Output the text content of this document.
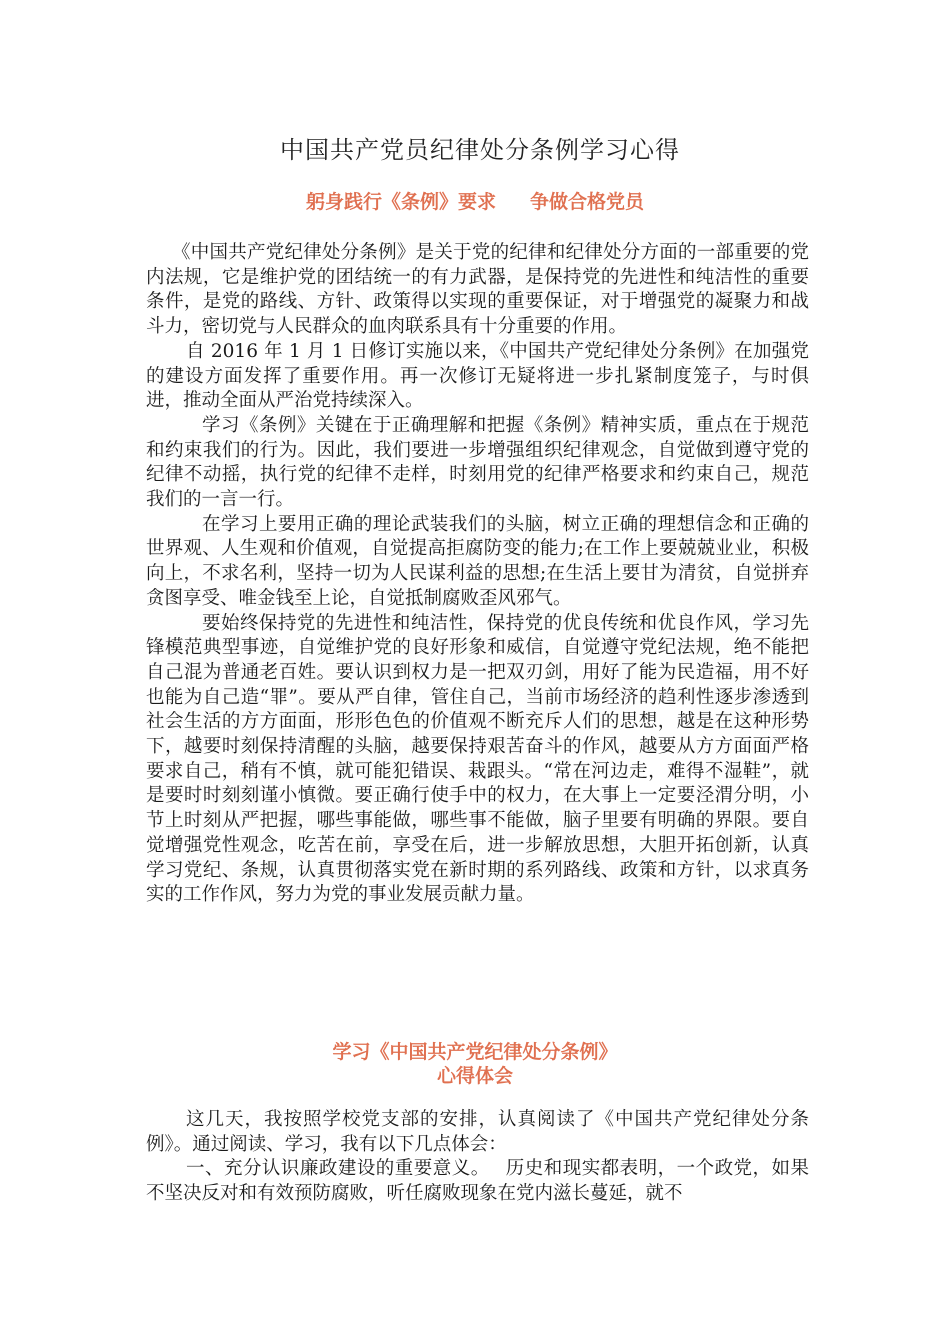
中国共产党员纪律处分条例学习心得
躬身践行《条例》要求 争做合格党员

《中国共产党纪律处分条例》是关于党的纪律和纪律处分方面的一部重要的党内法规，它是维护党的团结统一的有力武器，是保持党的先进性和纯洁性的重要条件，是党的路线、方针、政策得以实现的重要保证，对于增强党的凝聚力和战斗力，密切党与人民群众的血肉联系具有十分重要的作用。

自 2016 年 1 月 1 日修订实施以来，《中国共产党纪律处分条例》在加强党的建设方面发挥了重要作用。再一次修订无疑将进一步扎紧制度笼子，与时俱进，推动全面从严治党持续深入。

学习《条例》关键在于正确理解和把握《条例》精神实质，重点在于规范和约束我们的行为。因此，我们要进一步增强组织纪律观念，自觉做到遵守党的纪律不动摇，执行党的纪律不走样，时刻用党的纪律严格要求和约束自己，规范我们的一言一行。

在学习上要用正确的理论武装我们的头脑，树立正确的理想信念和正确的世界观、人生观和价值观，自觉提高拒腐防变的能力;在工作上要兢兢业业，积极向上，不求名利，坚持一切为人民谋利益的思想;在生活上要甘为清贫，自觉拼弃贪图享受、唯金钱至上论，自觉抵制腐败歪风邪气。

要始终保持党的先进性和纯洁性，保持党的优良传统和优良作风，学习先锋模范典型事迹，自觉维护党的良好形象和威信，自觉遵守党纪法规，绝不能把自己混为普通老百姓。要认识到权力是一把双刃剑，用好了能为民造福，用不好也能为自己造“罪”。要从严自律，管住自己，当前市场经济的趋利性逐步渗透到社会生活的方方面面，形形色色的价值观不断充斥人们的思想，越是在这种形势下，越要时刻保持清醒的头脑，越要保持艰苦奋斗的作风，越要从方方面面严格要求自己，稍有不慎，就可能犯错误、栽跟头。“常在河边走，难得不湿鞋”，就是要时时刻刻谨小慎微。要正确行使手中的权力，在大事上一定要泾渭分明，小节上时刻从严把握，哪些事能做，哪些事不能做，脑子里要有明确的界限。要自觉增强党性观念，吃苦在前，享受在后，进一步解放思想，大胆开拓创新，认真学习党纪、条规，认真贯彻落实党在新时期的系列路线、政策和方针，以求真务实的工作作风，努力为党的事业发展贡献力量。

学习《中国共产党纪律处分条例》
心得体会

这几天，我按照学校党支部的安排，认真阅读了《中国共产党纪律处分条例》。通过阅读、学习，我有以下几点体会：

一、充分认识廉政建设的重要意义。　 历史和现实都表明，一个政党，如果不坚决反对和有效预防腐败，听任腐败现象在党内滋长蔓延，就不
